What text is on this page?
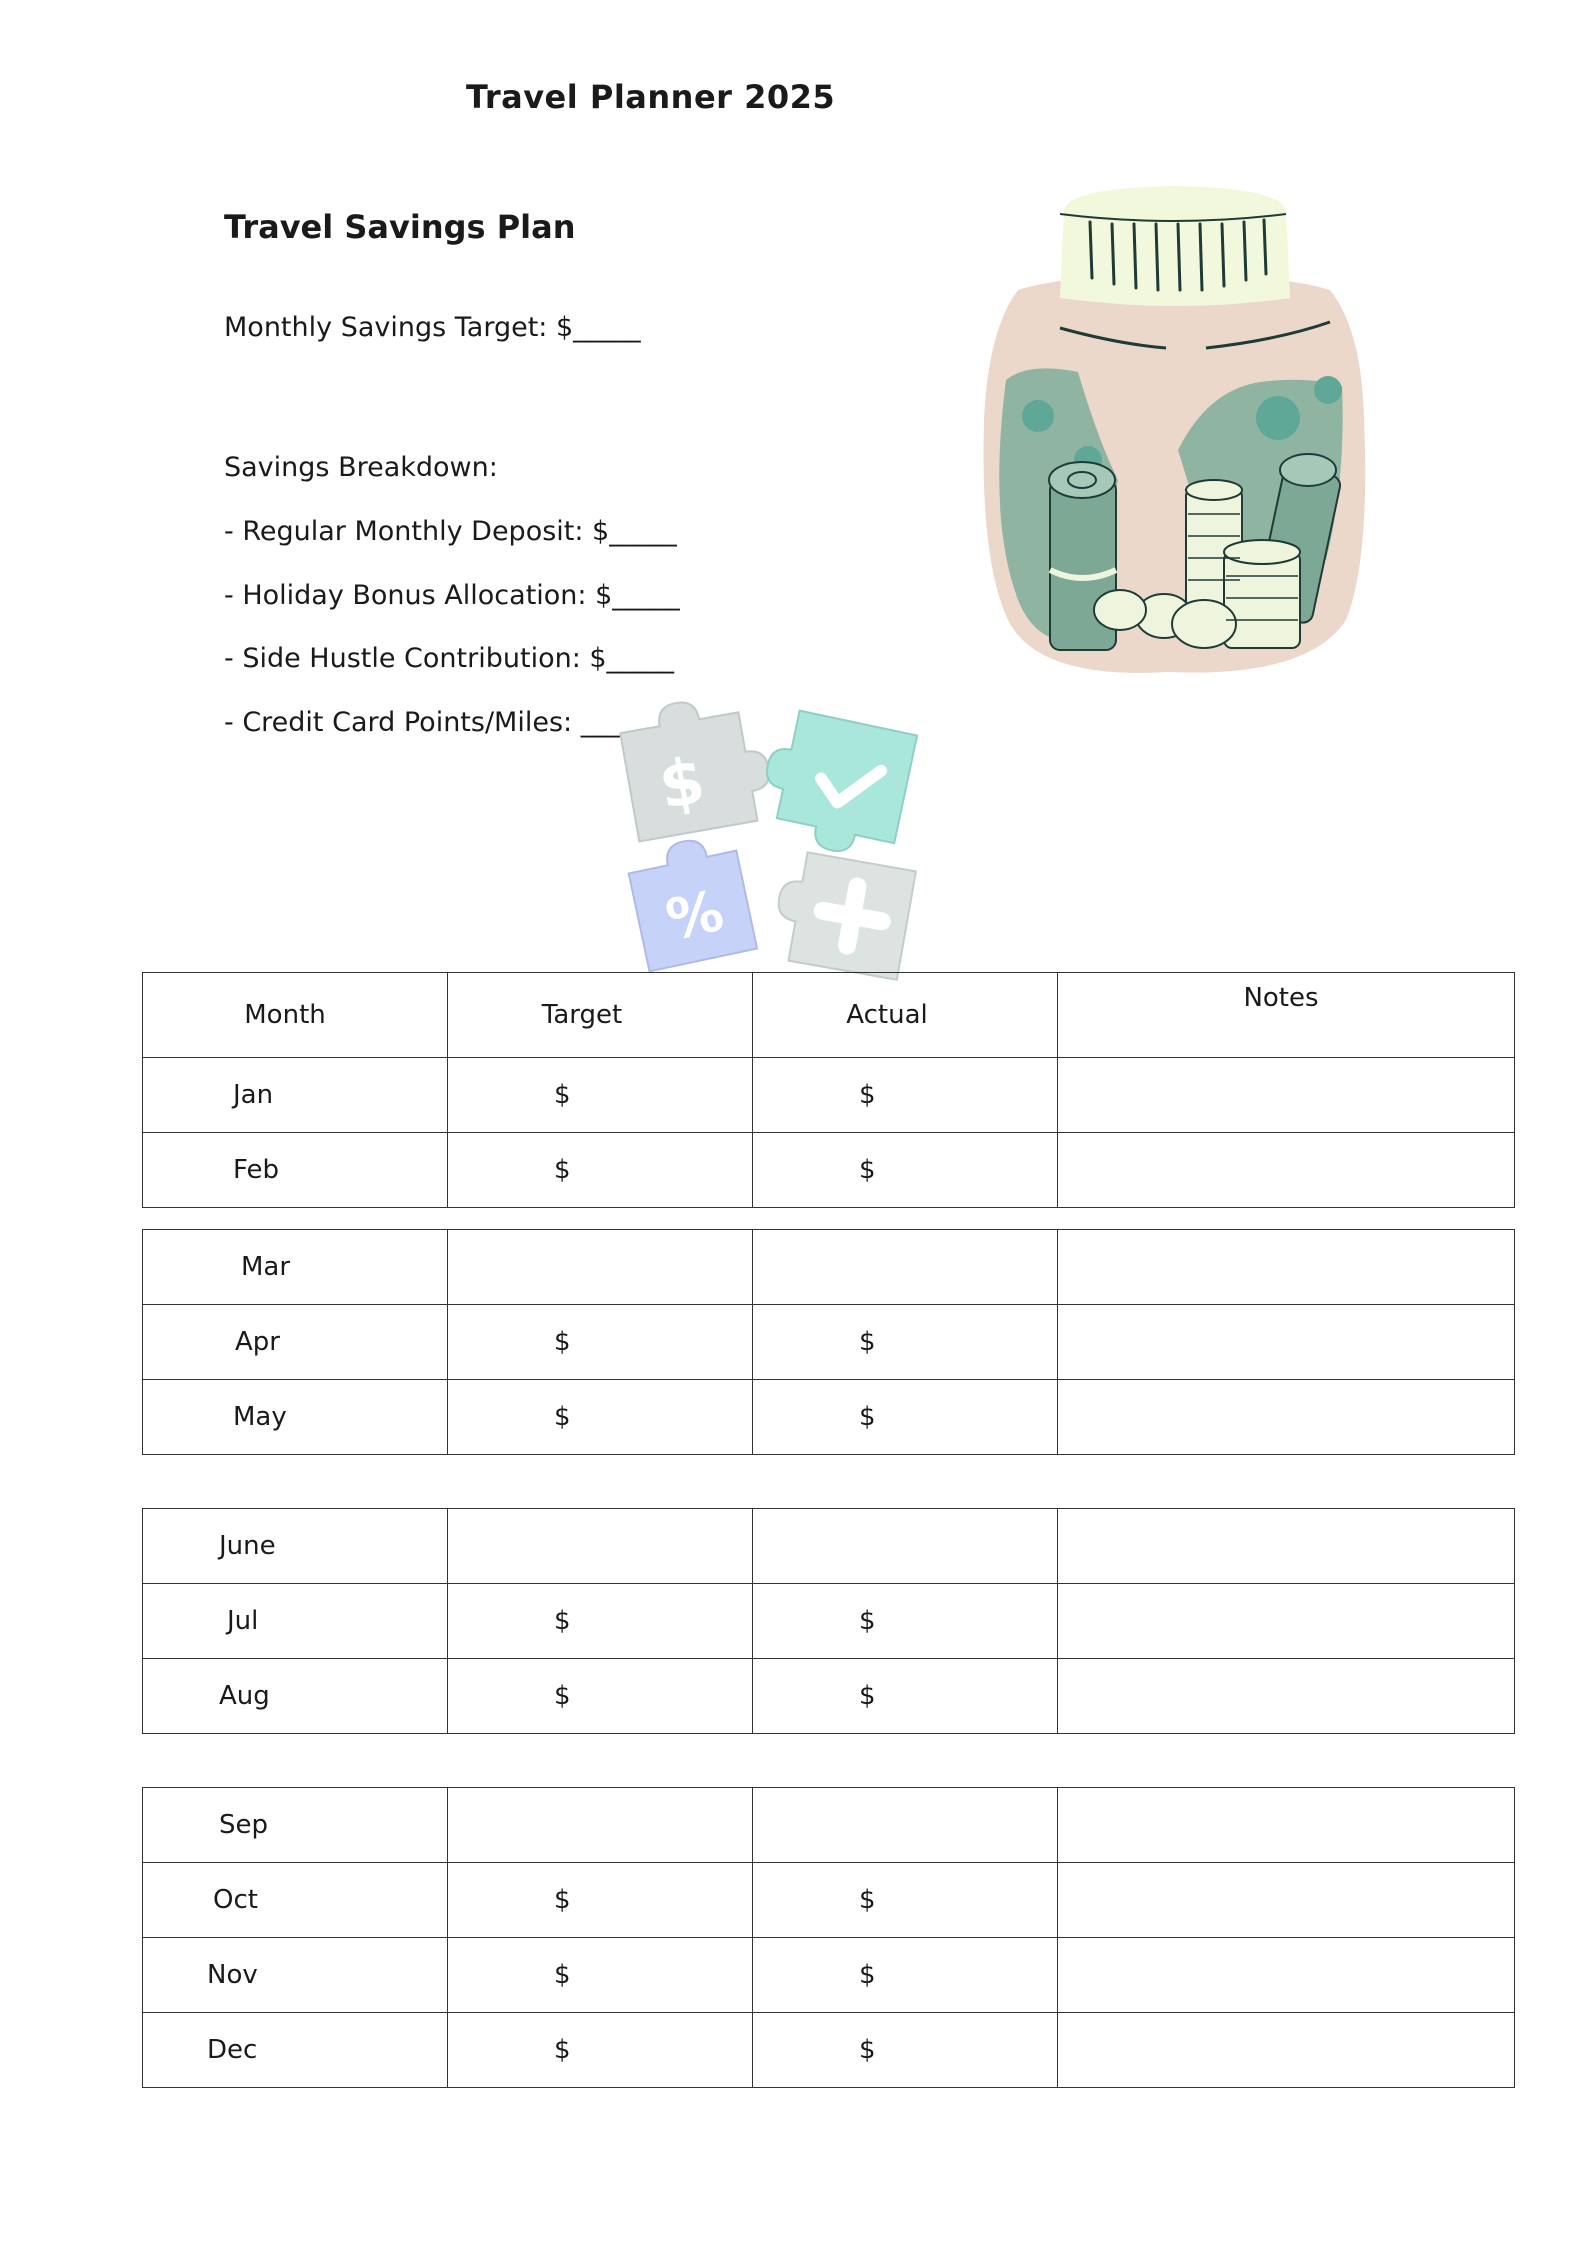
Travel Planner 2025
Travel Savings Plan
Monthly Savings Target: $_____
Savings Breakdown:
- Regular Monthly Deposit: $_____
- Holiday Bonus Allocation: $_____
- Side Hustle Contribution: $_____
- Credit Card Points/Miles: _____
$
%
Month	Target	Actual	Notes
Jan	$	$	
Feb	$	$	
Mar			
Apr	$	$	
May	$	$	
June			
Jul	$	$	
Aug	$	$	
Sep			
Oct	$	$	
Nov	$	$	
Dec	$	$	
